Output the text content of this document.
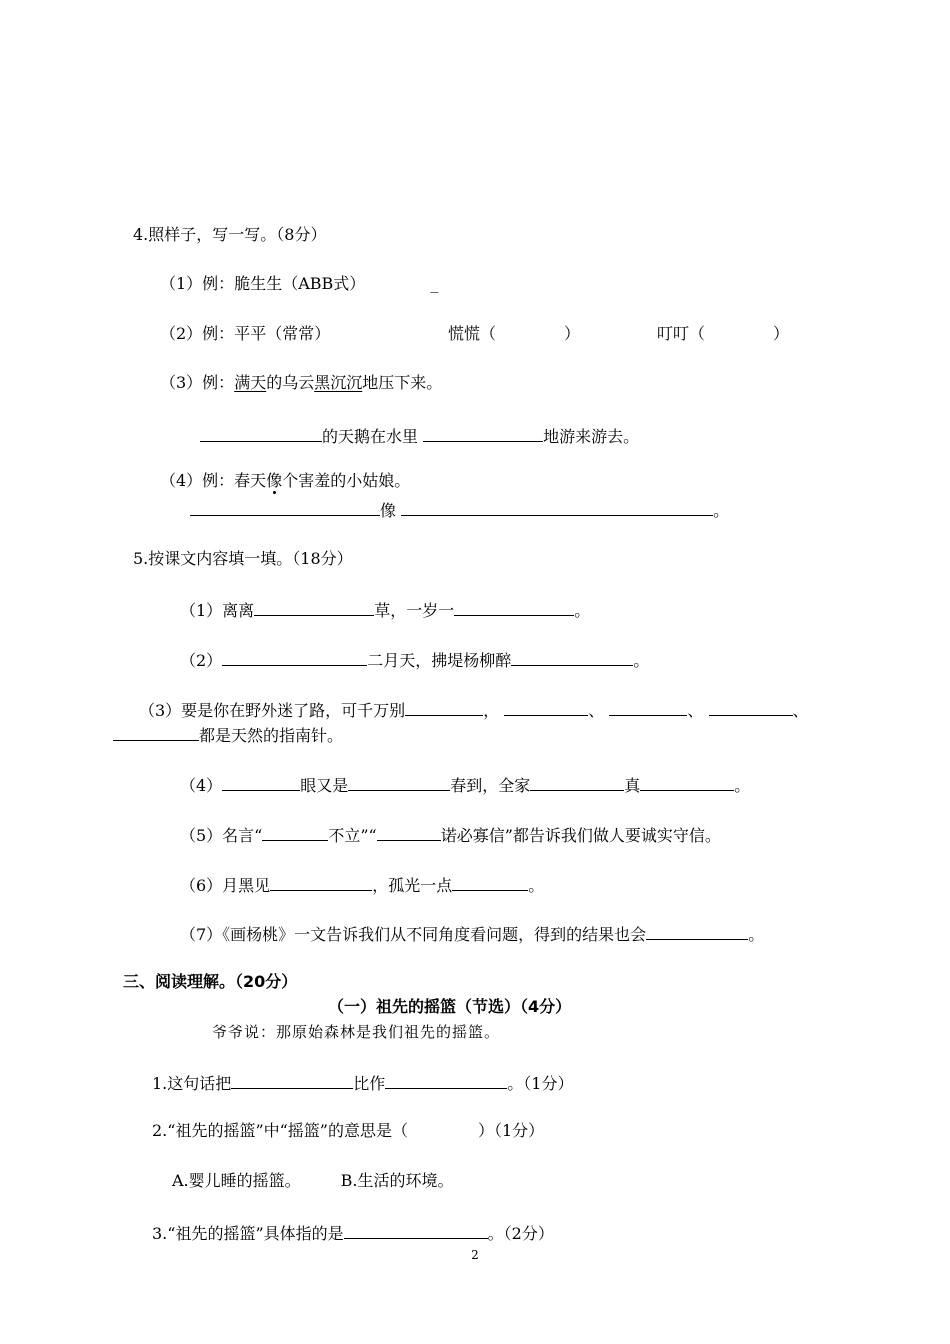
4.照样子，写一写。（8分）
（1）例：脆生生（ABB式）	_
（2）例：平平（常常）	慌慌（	）	叮叮（	）
（3）例：满天的乌云黑沉沉地压下来。
的天鹅在水里	地游来游去。
（4）例：春天像个害羞的小姑娘。
像	。
5.按课文内容填一填。（18分）
（1）离离	草，一岁一	。
（2）	二月天，拂堤杨柳醉	。
（3）要是你在野外迷了路，可千万别	，	、	、	、
都是天然的指南针。
（4）	眼又是	春到，全家	真	。
（5）名言“	不立”“	诺必寡信”都告诉我们做人要诚实守信。
（6）月黑见	，孤光一点	。
（7）《画杨桃》一文告诉我们从不同角度看问题，得到的结果也会	。
三、阅读理解。（20分）
（一）祖先的摇篮（节选）（4分）
爷爷说：那原始森林是我们祖先的摇篮。
1.这句话把	比作	。（1分）
2.“祖先的摇篮”中“摇篮”的意思是（	）（1分）
A.婴儿睡的摇篮。	B.生活的环境。
3.“祖先的摇篮”具体指的是	。（2分）
2
